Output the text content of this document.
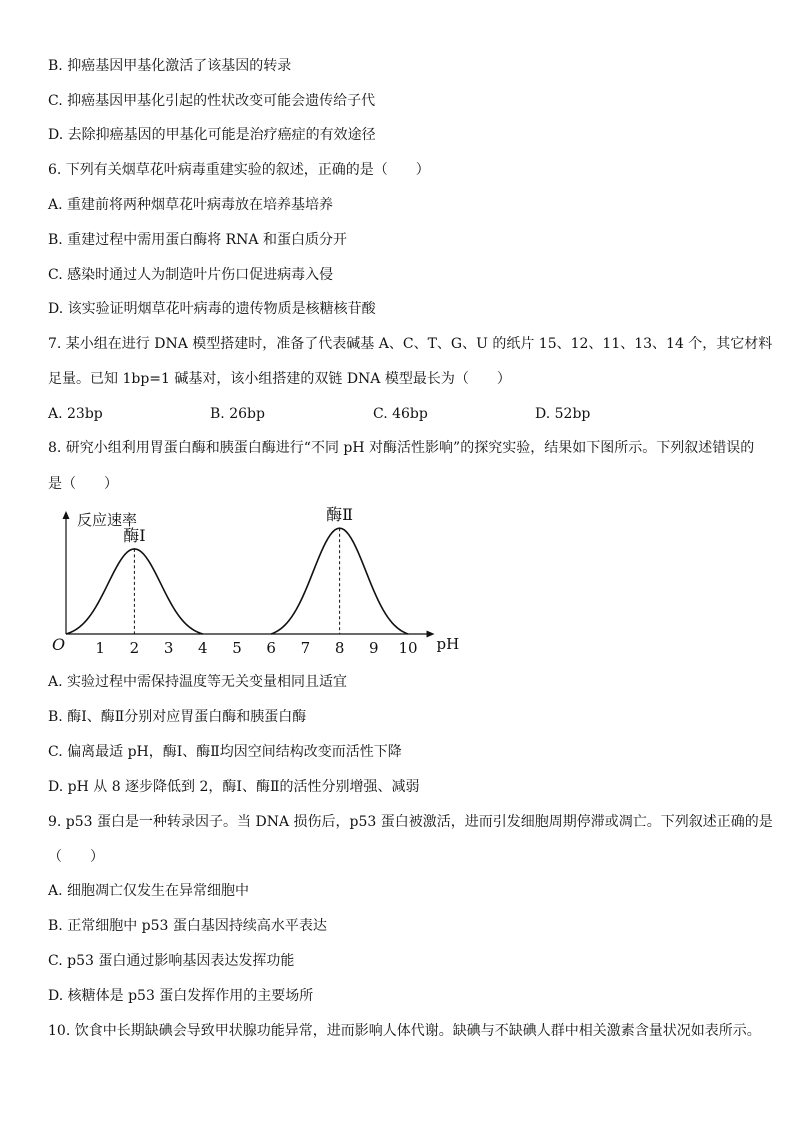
B. 抑癌基因甲基化激活了该基因的转录
C. 抑癌基因甲基化引起的性状改变可能会遗传给子代
D. 去除抑癌基因的甲基化可能是治疗癌症的有效途径
6. 下列有关烟草花叶病毒重建实验的叙述，正确的是（　　）
A. 重建前将两种烟草花叶病毒放在培养基培养
B. 重建过程中需用蛋白酶将 RNA 和蛋白质分开
C. 感染时通过人为制造叶片伤口促进病毒入侵
D. 该实验证明烟草花叶病毒的遗传物质是核糖核苷酸
7. 某小组在进行 DNA 模型搭建时，准备了代表碱基 A、C、T、G、U 的纸片 15、12、11、13、14 个，其它材料
足量。已知 1bp=1 碱基对，该小组搭建的双链 DNA 模型最长为（　　）
A. 23bp	B. 26bp	C. 46bp	D. 52bp
8. 研究小组利用胃蛋白酶和胰蛋白酶进行“不同 pH 对酶活性影响”的探究实验，结果如下图所示。下列叙述错误的
是（　　）
反应速率
pH
O 1 2 3 4 5 6 7 8 9 10
酶Ⅰ
酶Ⅱ
A. 实验过程中需保持温度等无关变量相同且适宜
B. 酶Ⅰ、酶Ⅱ分别对应胃蛋白酶和胰蛋白酶
C. 偏离最适 pH，酶Ⅰ、酶Ⅱ均因空间结构改变而活性下降
D. pH 从 8 逐步降低到 2，酶Ⅰ、酶Ⅱ的活性分别增强、减弱
9. p53 蛋白是一种转录因子。当 DNA 损伤后，p53 蛋白被激活，进而引发细胞周期停滞或凋亡。下列叙述正确的是
（　　）
A. 细胞凋亡仅发生在异常细胞中
B. 正常细胞中 p53 蛋白基因持续高水平表达
C. p53 蛋白通过影响基因表达发挥功能
D. 核糖体是 p53 蛋白发挥作用的主要场所
10. 饮食中长期缺碘会导致甲状腺功能异常，进而影响人体代谢。缺碘与不缺碘人群中相关激素含量状况如表所示。
